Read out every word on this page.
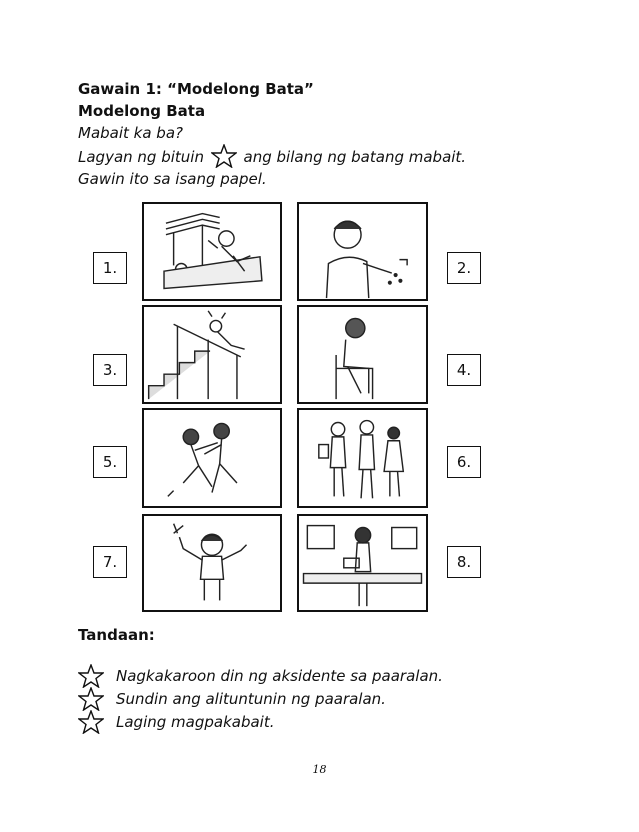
Gawain 1: “Modelong Bata”
Modelong Bata
Mabait ka ba?
Lagyan ng bituin	ang bilang ng batang mabait.
Gawin ito sa isang papel.
1.	2.
3.	4.
5.	6.
7.	8.
Tandaan:
Nagkakaroon din ng aksidente sa paaralan.
Sundin ang alituntunin ng paaralan.
Laging magpakabait.
18
